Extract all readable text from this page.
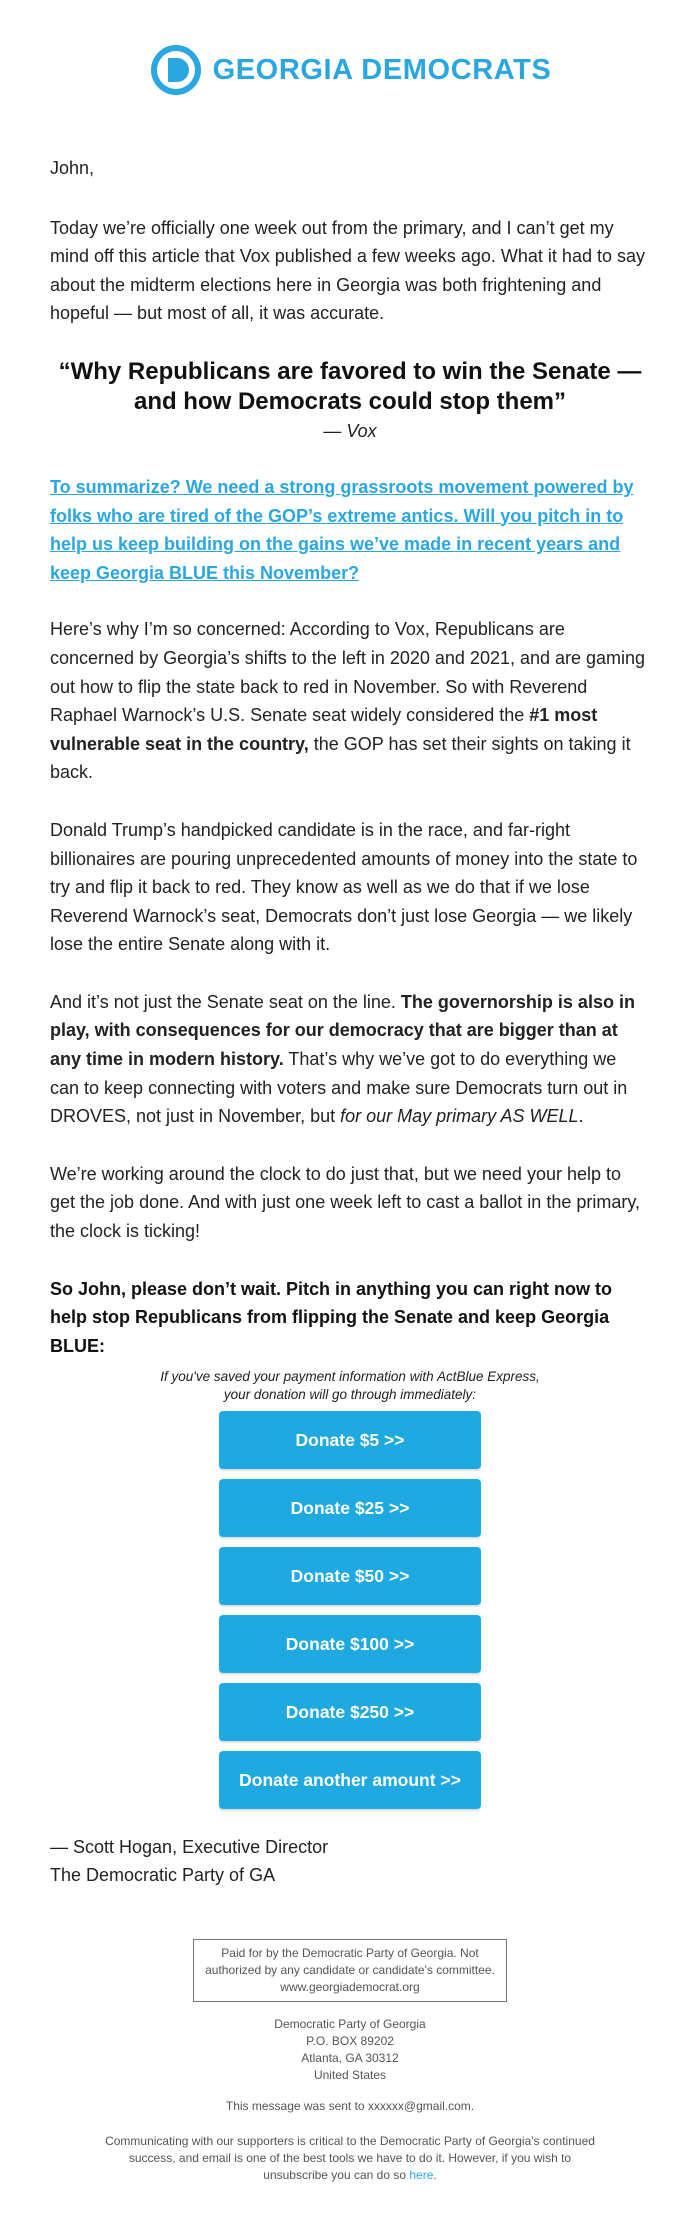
GEORGIA DEMOCRATS

John,

Today we’re officially one week out from the primary, and I can’t get my mind off this article that Vox published a few weeks ago. What it had to say about the midterm elections here in Georgia was both frightening and hopeful — but most of all, it was accurate.

“Why Republicans are favored to win the Senate — and how Democrats could stop them”
— Vox
To summarize? We need a strong grassroots movement powered by folks who are tired of the GOP’s extreme antics. Will you pitch in to help us keep building on the gains we’ve made in recent years and keep Georgia BLUE this November?

Here’s why I’m so concerned: According to Vox, Republicans are concerned by Georgia’s shifts to the left in 2020 and 2021, and are gaming out how to flip the state back to red in November. So with Reverend Raphael Warnock’s U.S. Senate seat widely considered the #1 most vulnerable seat in the country, the GOP has set their sights on taking it back.

Donald Trump’s handpicked candidate is in the race, and far-right billionaires are pouring unprecedented amounts of money into the state to try and flip it back to red. They know as well as we do that if we lose Reverend Warnock’s seat, Democrats don’t just lose Georgia — we likely lose the entire Senate along with it.

And it’s not just the Senate seat on the line. The governorship is also in play, with consequences for our democracy that are bigger than at any time in modern history. That’s why we’ve got to do everything we can to keep connecting with voters and make sure Democrats turn out in DROVES, not just in November, but for our May primary AS WELL.

We’re working around the clock to do just that, but we need your help to get the job done. And with just one week left to cast a ballot in the primary, the clock is ticking!

So John, please don’t wait. Pitch in anything you can right now to help stop Republicans from flipping the Senate and keep Georgia BLUE:

If you've saved your payment information with ActBlue Express,
your donation will go through immediately:
Donate $5 >>
Donate $25 >>
Donate $50 >>
Donate $100 >>
Donate $250 >>
Donate another amount >>
— Scott Hogan, Executive Director
The Democratic Party of GA
Paid for by the Democratic Party of Georgia. Not
authorized by any candidate or candidate's committee.
www.georgiademocrat.org
Democratic Party of Georgia
P.O. BOX 89202
Atlanta, GA 30312
United States
This message was sent to xxxxxx@gmail.com.
Communicating with our supporters is critical to the Democratic Party of Georgia's continued success, and email is one of the best tools we have to do it. However, if you wish to unsubscribe you can do so here.
